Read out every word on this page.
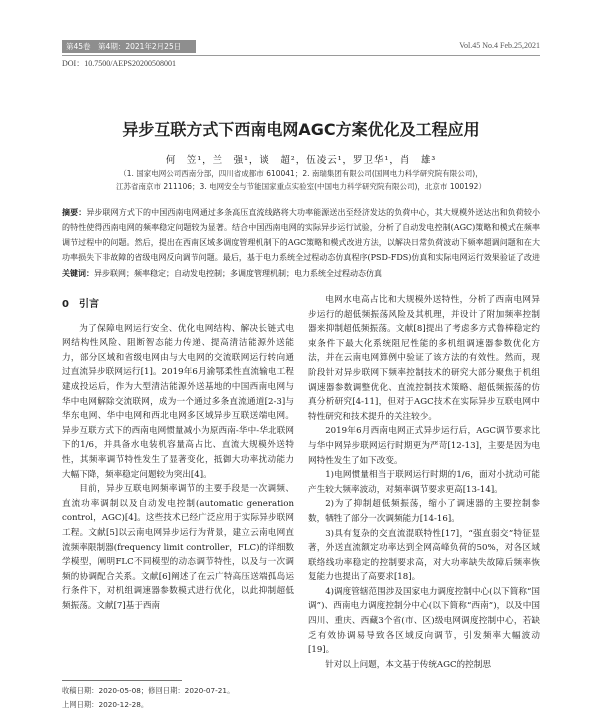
第45卷　第4期：2021年2月25日	Vol.45 No.4 Feb.25,2021
DOI：10.7500/AEPS20200508001
异步互联方式下西南电网AGC方案优化及工程应用
何　笠¹，兰　强¹，谈　超²，伍凌云¹，罗卫华¹，肖　雄³
（1. 国家电网公司西南分部，四川省成都市 610041；2. 南瑞集团有限公司(国网电力科学研究院有限公司)，
江苏省南京市 211106；3. 电网安全与节能国家重点实验室(中国电力科学研究院有限公司)，北京市 100192）
摘要：异步联网方式下的中国西南电网通过多条高压直流线路将大功率能源送出至经济发达的负荷中心，其大规模外送达出和负荷较小的特性使得西南电网的频率稳定问题较为显著。结合中国西南电网的实际异步运行试验，分析了自动发电控制(AGC)策略和模式在频率调节过程中的问题。然后，提出在西南区域多调度管理机制下的AGC策略和模式改进方法，以解决日常负荷波动下频率超调问题和在大功率损失下非故障的省级电网反向调节问题。最后，基于电力系统全过程动态仿真程序(PSD-FDS)仿真和实际电网运行效果验证了改进
关键词：异步联网；频率稳定；自动发电控制；多调度管理机制；电力系统全过程动态仿真
0 引言

为了保障电网运行安全、优化电网结构、解决长链式电网结构性风险、阻断智态能力传递、提高清洁能源外送能力，部分区域和省级电网由与大电网的交流联网运行转向通过直流异步联网运行[1]。2019年6月渝鄂柔性直流输电工程建成投运后，作为大型清洁能源外送基地的中国西南电网与华中电网解除交流联网，成为一个通过多条直流通道[2-3]与华东电网、华中电网和西北电网多区域异步互联送端电网。异步互联方式下的西南电网惯量减小为原西南-华中-华北联网下的1/6，并具备水电装机容量高占比、直流大规模外送特性，其频率调节特性发生了显著变化，抵御大功率扰动能力大幅下降，频率稳定问题较为突出[4]。

目前，异步互联电网频率调节的主要手段是一次调频、直流功率调制以及自动发电控制(automatic generation control，AGC)[4]。这些技术已经广泛应用于实际异步联网工程。文献[5]以云南电网异步运行为背景，建立云南电网直流频率限制器(frequency limit controller，FLC)的详细数学模型，阐明FLC不同模型的动态调节特性，以及与一次调频的协调配合关系。文献[6]阐述了在云广特高压送端孤岛运行条件下，对机组调速器参数模式进行优化，以此抑制超低频振荡。文献[7]基于西南

电网水电高占比和大规模外送特性，分析了西南电网异步运行的超低频振荡风险及其机理，并设计了附加频率控制器来抑制超低频振荡。文献[8]提出了考虑多方式鲁棒稳定约束条件下最大化系统阻尼性能的多机组调速器参数优化方法，并在云南电网算例中验证了该方法的有效性。然而，现阶段针对异步联网下频率控制技术的研究大部分聚焦于机组调速器参数调整优化、直流控制技术策略、超低频振荡的仿真分析研究[4-11]，但对于AGC技术在实际异步互联电网中特性研究和技术提升的关注较少。

2019年6月西南电网正式异步运行后，AGC调节要求比与华中网异步联网运行时期更为严苛[12-13]，主要是因为电网特性发生了如下改变。

1)电网惯量相当于联网运行时期的1/6，面对小扰动可能产生较大频率波动，对频率调节要求更高[13-14]。

2)为了抑制超低频振荡，缩小了调速器的主要控制参数，牺牲了部分一次调频能力[14-16]。

3)具有复杂的交直流混联特性[17]，“强直弱交”特征显著，外送直流额定功率达到全网高峰负荷的50%，对各区域联络线功率稳定的控制要求高，对大功率缺失故障后频率恢复能力也提出了高要求[18]。

4)调度管辖范围涉及国家电力调度控制中心(以下简称“国调”)、西南电力调度控制分中心(以下简称“西南”)，以及中国四川、重庆、西藏3个省(市、区)级电网调度控制中心，若缺乏有效协调易导致各区域反向调节，引发频率大幅波动[19]。

针对以上问题，本文基于传统AGC的控制思

收稿日期：2020-05-08；修回日期：2020-07-21。
上网日期：2020-12-28。
